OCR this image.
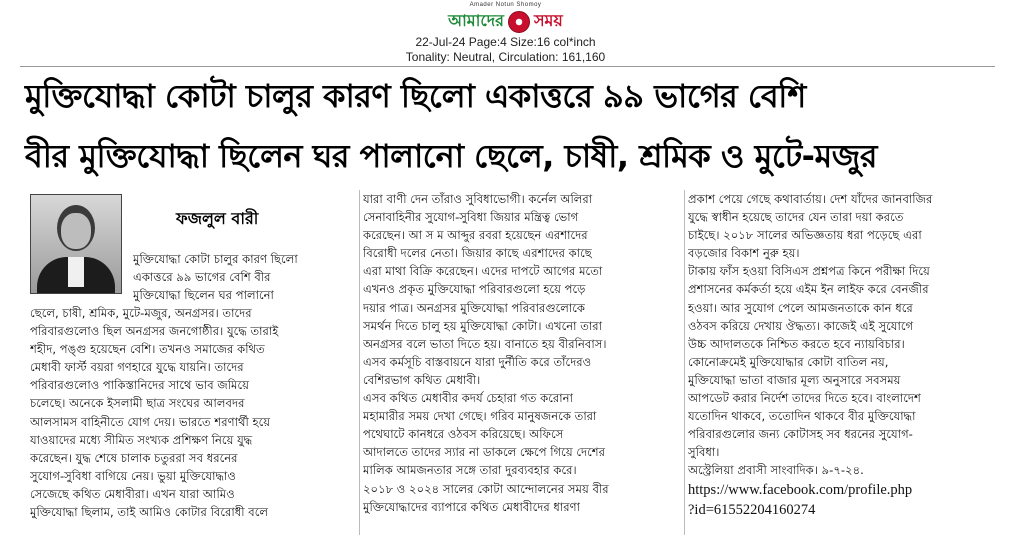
Amader Notun Shomoy
আমাদের সময়
22-Jul-24 Page:4 Size:16 col*inch
Tonality: Neutral, Circulation: 161,160
মুক্তিযোদ্ধা কোটা চালুর কারণ ছিলো একাত্তরে ৯৯ ভাগের বেশি
বীর মুক্তিযোদ্ধা ছিলেন ঘর পালানো ছেলে, চাষী, শ্রমিক ও মুটে-মজুর
ফজলুল বারী
মুক্তিযোদ্ধা কোটা চালুর কারণ ছিলো
একাত্তরে ৯৯ ভাগের বেশি বীর
মুক্তিযোদ্ধা ছিলেন ঘর পালানো
ছেলে, চাষী, শ্রমিক, মুটে-মজুর, অনগ্রসর। তাদের
পরিবারগুলোও ছিল অনগ্রসর জনগোষ্ঠীর। যুদ্ধে তারাই
শহীদ, পঙ্গু হয়েছেন বেশি। তখনও সমাজের কথিত
মেধাবী ফার্স্ট বয়রা গণহারে যুদ্ধে যায়নি। তাদের
পরিবারগুলোও পাকিস্তানিদের সাথে ভাব জমিয়ে
চলেছে। অনেকে ইসলামী ছাত্র সংঘের আলবদর
আলসামস বাহিনীতে যোগ দেয়। ভারতে শরণার্থী হয়ে
যাওয়াদের মধ্যে সীমিত সংখ্যক প্রশিক্ষণ নিয়ে যুদ্ধ
করেছেন। যুদ্ধ শেষে চালাক চতুররা সব ধরনের
সুযোগ-সুবিধা বাগিয়ে নেয়। ভুয়া মুক্তিযোদ্ধাও
সেজেছে কথিত মেধাবীরা। এখন যারা আমিও
মুক্তিযোদ্ধা ছিলাম, তাই আমিও কোটার বিরোধী বলে
যারা বাণী দেন তাঁরাও সুবিধাভোগী। কর্নেল অলিরা
সেনাবাহিনীর সুযোগ-সুবিধা জিয়ার মন্ত্রিত্ব ভোগ
করেছেন। আ স ম আব্দুর রবরা হয়েছেন এরশাদের
বিরোধী দলের নেতা। জিয়ার কাছে এরশাদের কাছে
এরা মাথা বিক্রি করেছেন। এদের দাপটে আগের মতো
এখনও প্রকৃত মুক্তিযোদ্ধা পরিবারগুলো হয়ে পড়ে
দয়ার পাত্র। অনগ্রসর মুক্তিযোদ্ধা পরিবারগুলোকে
সমর্থন দিতে চালু হয় মুক্তিযোদ্ধা কোটা। এখনো তারা
অনগ্রসর বলে ভাতা দিতে হয়। বানাতে হয় বীরনিবাস।
এসব কর্মসূচি বাস্তবায়নে যারা দুর্নীতি করে তাঁদেরও
বেশিরভাগ কথিত মেধাবী।
এসব কথিত মেধাবীর কদর্য চেহারা গত করোনা
মহামারীর সময় দেখা গেছে। গরিব মানুষজনকে তারা
পথেঘাটে কানধরে ওঠবস করিয়েছে। অফিসে
আদালতে তাদের স্যার না ডাকলে ক্ষেপে গিয়ে দেশের
মালিক আমজনতার সঙ্গে তারা দুরব্যবহার করে।
২০১৮ ও ২০২৪ সালের কোটা আন্দোলনের সময় বীর
মুক্তিযোদ্ধাদের ব্যাপারে কথিত মেধাবীদের ধারণা
প্রকাশ পেয়ে গেছে কথাবার্তায়। দেশ যাঁদের জানবাজির
যুদ্ধে স্বাধীন হয়েছে তাদের যেন তারা দয়া করতে
চাইছে। ২০১৮ সালের অভিজ্ঞতায় ধরা পড়েছে এরা
বড়জোর বিকাশ নুরু হয়।
টাকায় ফাঁস হওয়া বিসিএস প্রশ্নপত্র কিনে পরীক্ষা দিয়ে
প্রশাসনের কর্মকর্তা হয়ে এইম ইন লাইফ করে বেনজীর
হওয়া। আর সুযোগ পেলে আমজনতাকে কান ধরে
ওঠবস করিয়ে দেখায় ঔদ্ধত্য। কাজেই এই সুযোগে
উচ্চ আদালতকে নিশ্চিত করতে হবে ন্যায়বিচার।
কোনোক্রমেই মুক্তিযোদ্ধার কোটা বাতিল নয়,
মুক্তিযোদ্ধা ভাতা বাজার মূল্য অনুসারে সবসময়
আপডেট করার নির্দেশ তাদের দিতে হবে। বাংলাদেশ
যতোদিন থাকবে, ততোদিন থাকবে বীর মুক্তিযোদ্ধা
পরিবারগুলোর জন্য কোটাসহ সব ধরনের সুযোগ-
সুবিধা।
অস্ট্রেলিয়া প্রবাসী সাংবাদিক। ৯-৭-২৪.
https://www.facebook.com/profile.php
?id=61552204160274
